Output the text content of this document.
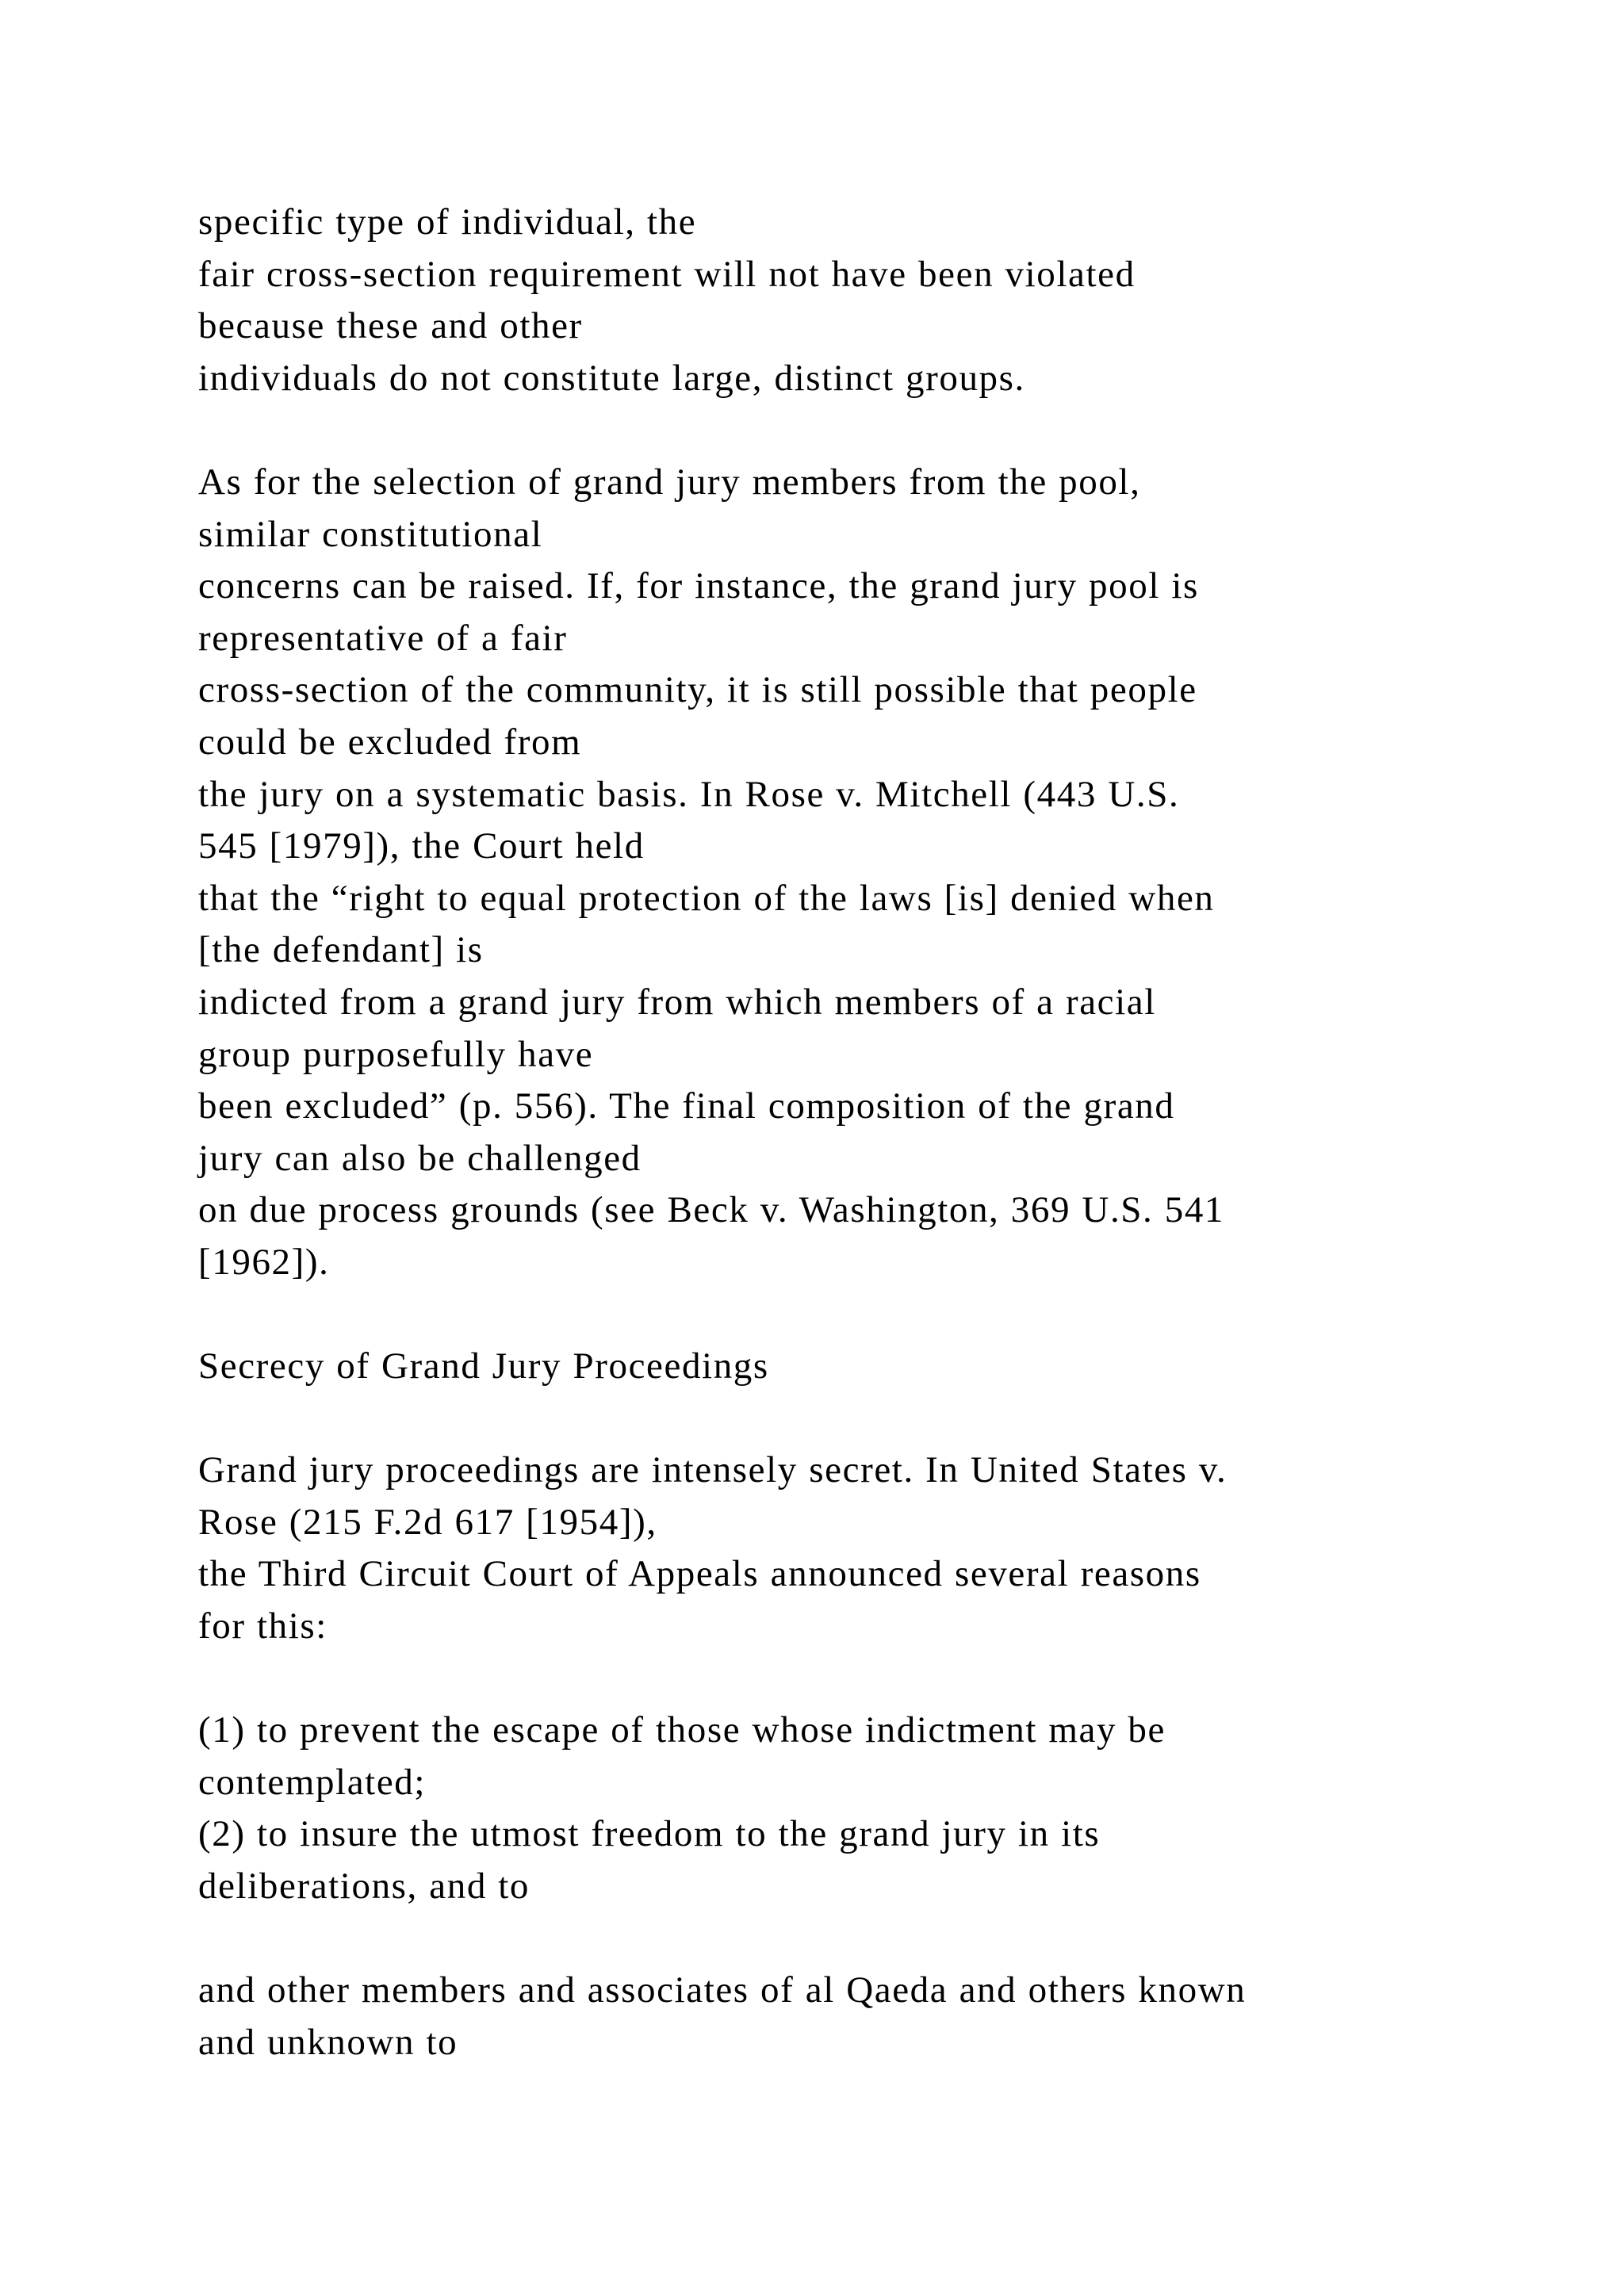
specific type of individual, the
fair cross-section requirement will not have been violated
because these and other
individuals do not constitute large, distinct groups.
As for the selection of grand jury members from the pool,
similar constitutional
concerns can be raised. If, for instance, the grand jury pool is
representative of a fair
cross-section of the community, it is still possible that people
could be excluded from
the jury on a systematic basis. In Rose v. Mitchell (443 U.S.
545 [1979]), the Court held
that the “right to equal protection of the laws [is] denied when
[the defendant] is
indicted from a grand jury from which members of a racial
group purposefully have
been excluded” (p. 556). The final composition of the grand
jury can also be challenged
on due process grounds (see Beck v. Washington, 369 U.S. 541
[1962]).
Secrecy of Grand Jury Proceedings
Grand jury proceedings are intensely secret. In United States v.
Rose (215 F.2d 617 [1954]),
the Third Circuit Court of Appeals announced several reasons
for this:
(1) to prevent the escape of those whose indictment may be
contemplated;
(2) to insure the utmost freedom to the grand jury in its
deliberations, and to
and other members and associates of al Qaeda and others known
and unknown to
